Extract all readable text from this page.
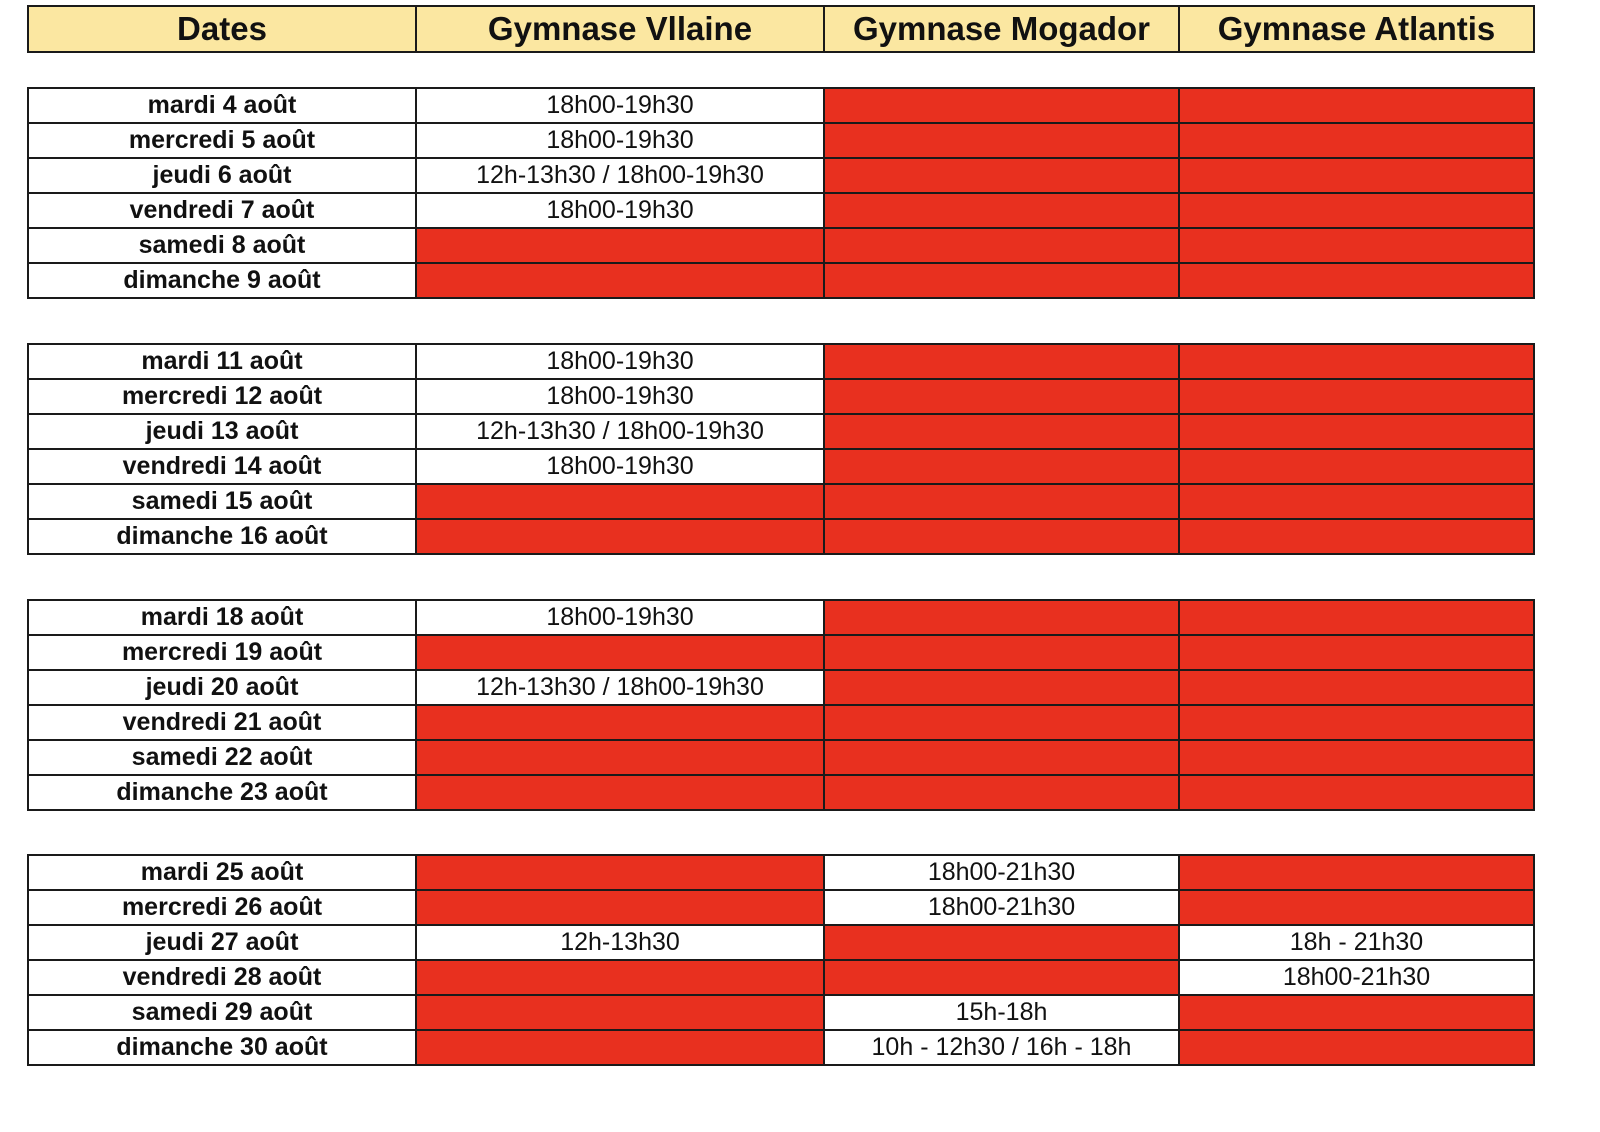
Dates	Gymnase Vllaine	Gymnase Mogador	Gymnase Atlantis
mardi 4 août	18h00-19h30		
mercredi 5 août	18h00-19h30		
jeudi 6 août	12h-13h30 / 18h00-19h30		
vendredi 7 août	18h00-19h30		
samedi 8 août			
dimanche 9 août			
mardi 11 août	18h00-19h30		
mercredi 12 août	18h00-19h30		
jeudi 13 août	12h-13h30 / 18h00-19h30		
vendredi 14 août	18h00-19h30		
samedi 15 août			
dimanche 16 août			
mardi 18 août	18h00-19h30		
mercredi 19 août			
jeudi 20 août	12h-13h30 / 18h00-19h30		
vendredi 21 août			
samedi 22 août			
dimanche 23 août			
mardi 25 août		18h00-21h30	
mercredi 26 août		18h00-21h30	
jeudi 27 août	12h-13h30		18h - 21h30
vendredi 28 août			18h00-21h30
samedi 29 août		15h-18h	
dimanche 30 août		10h - 12h30 / 16h - 18h	
